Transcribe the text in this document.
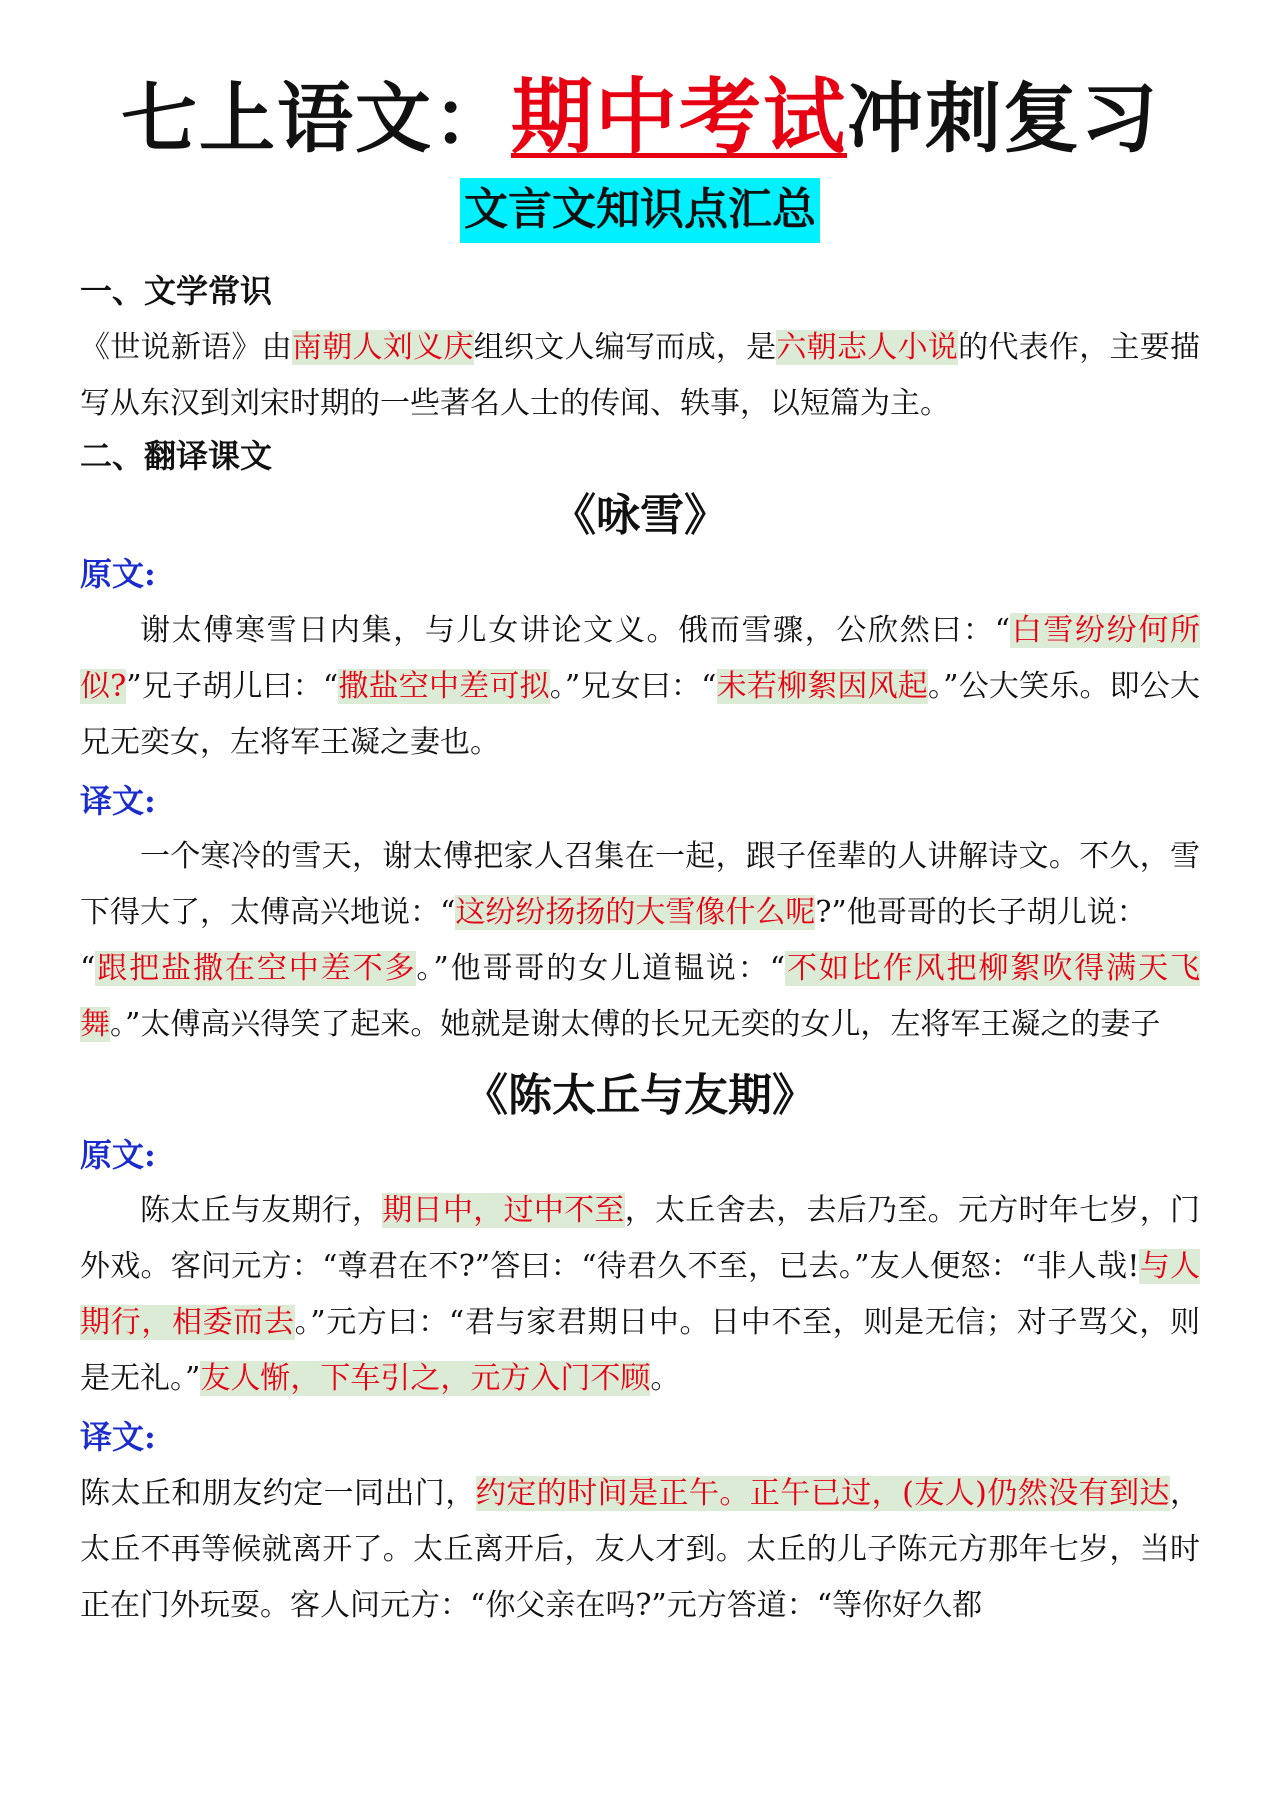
七上语文：期中考试冲刺复习
文言文知识点汇总
一、文学常识

《世说新语》由南朝人刘义庆组织文人编写而成，是六朝志人小说的代表作，主要描写从东汉到刘宋时期的一些著名人士的传闻、轶事，以短篇为主。

二、翻译课文
《咏雪》
原文:

谢太傅寒雪日内集，与儿女讲论文义。俄而雪骤，公欣然曰：“白雪纷纷何所似?”兄子胡儿曰：“撒盐空中差可拟。”兄女曰：“未若柳絮因风起。”公大笑乐。即公大兄无奕女，左将军王凝之妻也。

译文:

一个寒冷的雪天，谢太傅把家人召集在一起，跟子侄辈的人讲解诗文。不久，雪下得大了，太傅高兴地说：“这纷纷扬扬的大雪像什么呢?”他哥哥的长子胡儿说：

“跟把盐撒在空中差不多。”他哥哥的女儿道韫说：“不如比作风把柳絮吹得满天飞舞。”太傅高兴得笑了起来。她就是谢太傅的长兄无奕的女儿，左将军王凝之的妻子

《陈太丘与友期》
原文:

陈太丘与友期行，期日中，过中不至，太丘舍去，去后乃至。元方时年七岁，门外戏。客问元方：“尊君在不?”答曰：“待君久不至，已去。”友人便怒：“非人哉!与人期行，相委而去。”元方曰：“君与家君期日中。日中不至，则是无信；对子骂父，则是无礼。”友人惭，下车引之，元方入门不顾。

译文:

陈太丘和朋友约定一同出门，约定的时间是正午。正午已过，(友人)仍然没有到达，太丘不再等候就离开了。太丘离开后，友人才到。太丘的儿子陈元方那年七岁，当时正在门外玩耍。客人问元方：“你父亲在吗?”元方答道：“等你好久都
